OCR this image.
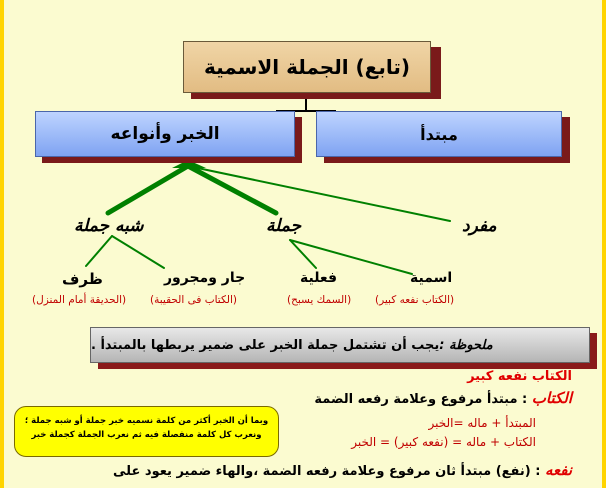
(تابع) الجملة الاسمية
الخبر وأنواعه	مبتدأ
مفرد
جملة
شبه جملة
اسمية
(الكتاب نفعه كبير)
فعلية
(السمك يسبح)
جار ومجرور
(الكتاب فى الحقيبة)
ظرف
(الحديقة أمام المنزل)
ملحوظة :
يجب أن تشتمل جملة الخبر على ضمير يربطها بالمبتدأ .
الكتاب نفعه كبير
الكتاب : مبتدأ مرفوع وعلامة رفعه الضمة
المبتدأ + ماله =الخبر
الكتاب + ماله = (نفعه كبير) = الخبر
نفعه : (نفع) مبتدأ ثان مرفوع وعلامة رفعه الضمة ،والهاء ضمير يعود على
وبما أن الخبر أكثر من كلمة نسميه خبر جملة أو شبه جملة ؛
ونعرب كل كلمة منفصلة فيه ثم نعرب الجملة كجملة خبر
